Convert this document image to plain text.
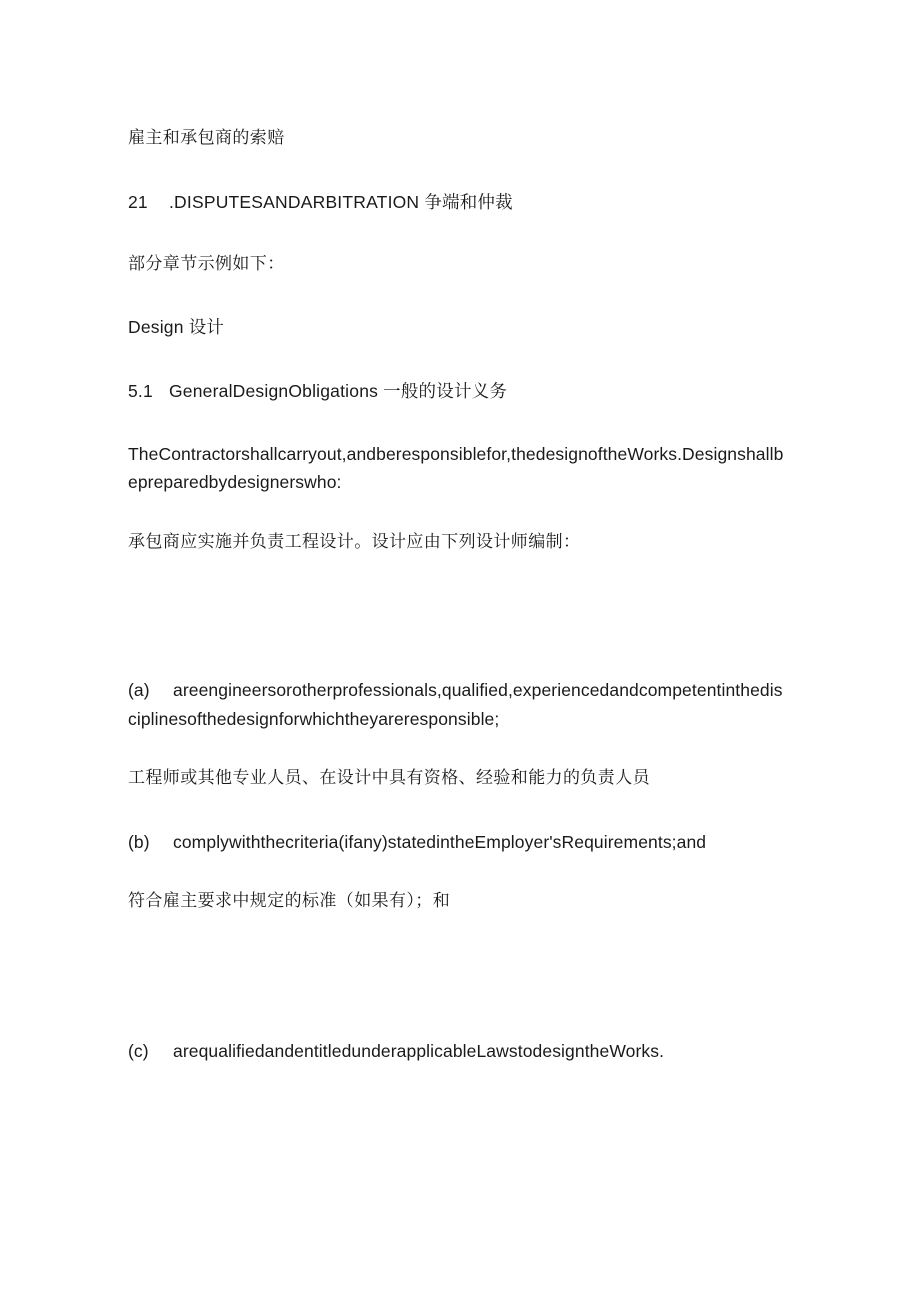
雇主和承包商的索赔

21 .DISPUTESANDARBITRATION 争端和仲裁

部分章节示例如下：

Design 设计

5.1 GeneralDesignObligations 一般的设计义务

TheContractorshallcarryout,andberesponsiblefor,thedesignoftheWorks.Designshallbepreparedbydesignerswho:

承包商应实施并负责工程设计。设计应由下列设计师编制：

(a) areengineersorotherprofessionals,qualified,experiencedandcompetentinthedisciplinesofthedesignforwhichtheyareresponsible;

工程师或其他专业人员、在设计中具有资格、经验和能力的负责人员

(b) complywiththecriteria(ifany)statedintheEmployer'sRequirements;and

符合雇主要求中规定的标准（如果有）；和

(c) arequalifiedandentitledunderapplicableLawstodesigntheWorks.
